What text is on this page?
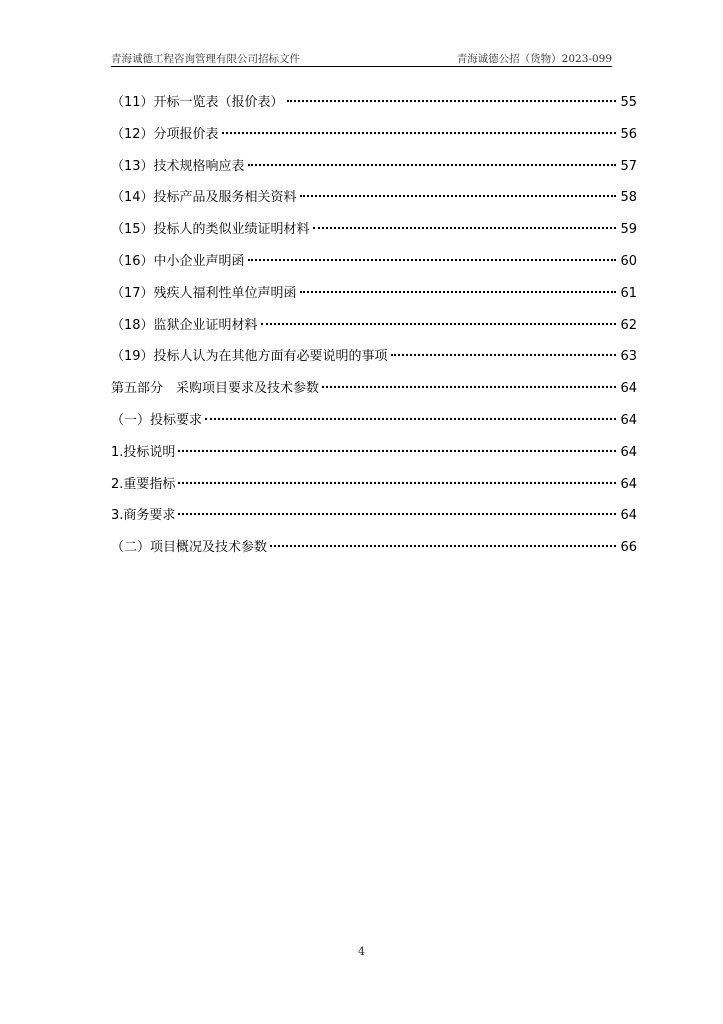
青海诚德工程咨询管理有限公司招标文件	青海诚德公招（货物）2023-099
（11）开标一览表（报价表）	55
（12）分项报价表	56
（13）技术规格响应表	57
（14）投标产品及服务相关资料	58
（15）投标人的类似业绩证明材料	59
（16）中小企业声明函	60
（17）残疾人福利性单位声明函	61
（18）监狱企业证明材料	62
（19）投标人认为在其他方面有必要说明的事项	63
第五部分　采购项目要求及技术参数	64
（一）投标要求	64
1.投标说明	64
2.重要指标	64
3.商务要求	64
（二）项目概况及技术参数	66
4
